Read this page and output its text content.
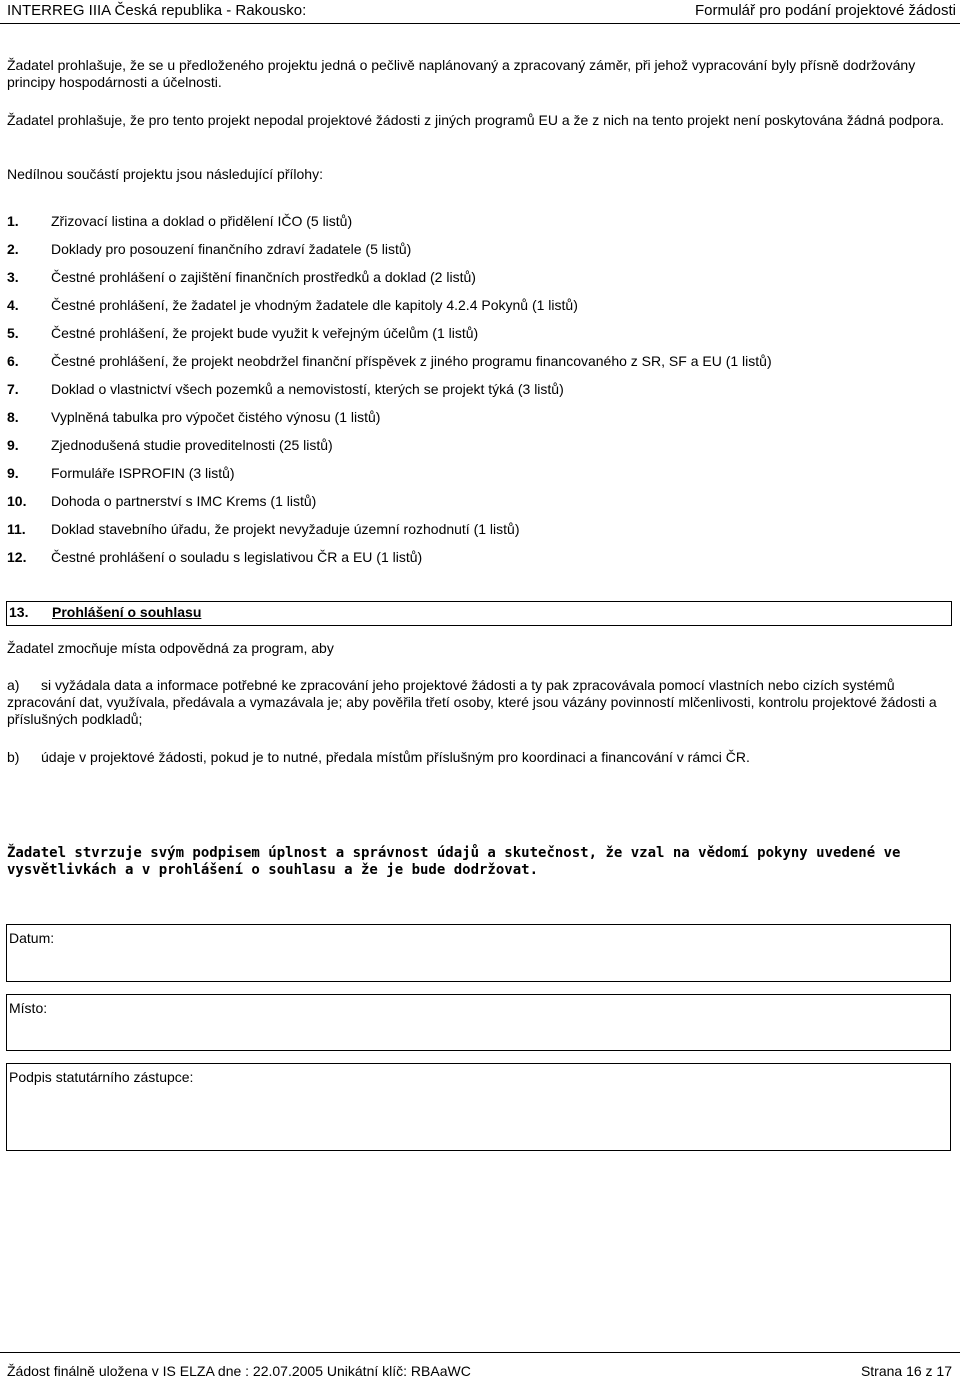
INTERREG IIIA Česká republika - Rakousko:	Formulář pro podání projektové žádosti
Žadatel prohlašuje, že se u předloženého projektu jedná o pečlivě naplánovaný a zpracovaný záměr, při jehož vypracování byly přísně dodržovány principy hospodárnosti a účelnosti.
Žadatel prohlašuje, že pro tento projekt nepodal projektové žádosti z jiných programů EU a že z nich na tento projekt není poskytována žádná podpora.
Nedílnou součástí projektu jsou následující přílohy:
1. Zřizovací listina a doklad o přidělení IČO (5 listů)
2. Doklady pro posouzení finančního zdraví žadatele (5 listů)
3. Čestné prohlášení o zajištění finančních prostředků a doklad (2 listů)
4. Čestné prohlášení, že žadatel je vhodným žadatele dle kapitoly 4.2.4 Pokynů (1 listů)
5. Čestné prohlášení, že projekt bude využit k veřejným účelům (1 listů)
6. Čestné prohlášení, že projekt neobdržel finanční příspěvek z jiného programu financovaného z SR, SF a EU (1 listů)
7. Doklad o vlastnictví všech pozemků a nemovistostí, kterých se projekt týká (3 listů)
8. Vyplněná tabulka pro výpočet čistého výnosu (1 listů)
9. Zjednodušená studie proveditelnosti (25 listů)
9. Formuláře ISPROFIN (3 listů)
10. Dohoda o partnerství s IMC Krems (1 listů)
11. Doklad stavebního úřadu, že projekt nevyžaduje územní rozhodnutí (1 listů)
12. Čestné prohlášení o souladu s legislativou ČR a EU (1 listů)
13. Prohlášení o souhlasu
Žadatel zmocňuje místa odpovědná za program, aby
a)	si vyžádala data a informace potřebné ke zpracování jeho projektové žádosti a ty pak zpracovávala pomocí vlastních nebo cizích systémů zpracování dat, využívala, předávala a vymazávala je; aby pověřila třetí osoby, které jsou vázány povinností mlčenlivosti, kontrolu projektové žádosti a příslušných podkladů;
b)	údaje v projektové žádosti, pokud je to nutné, předala místům příslušným pro koordinaci a financování v rámci ČR.
Žadatel stvrzuje svým podpisem úplnost a správnost údajů a skutečnost, že vzal na vědomí pokyny uvedené ve vysvětlivkách a v prohlášení o souhlasu a že je bude dodržovat.
Datum:
Místo:
Podpis statutárního zástupce:
Žádost finálně uložena v IS ELZA dne : 22.07.2005 Unikátní klíč: RBAaWC	Strana 16 z 17
